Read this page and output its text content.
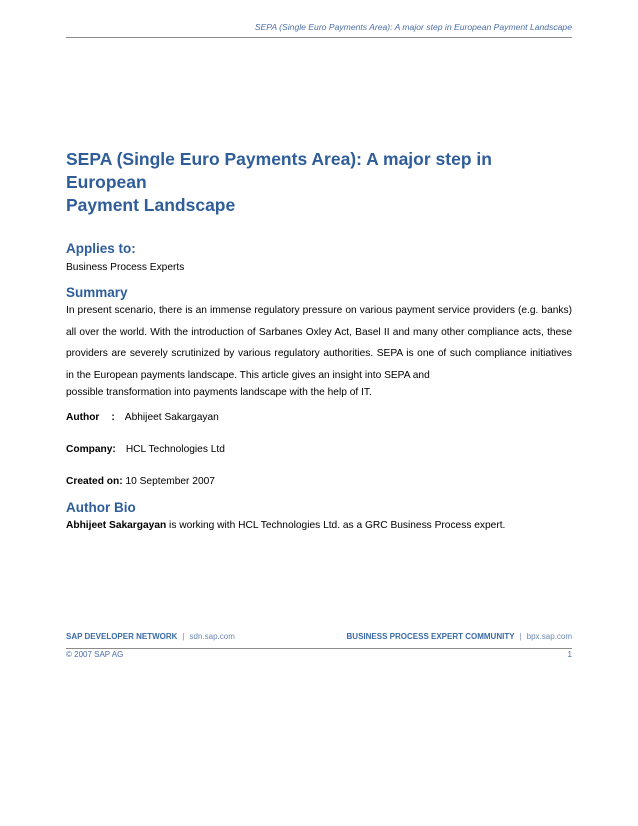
SEPA (Single Euro Payments Area): A major step in European Payment Landscape
SEPA (Single Euro Payments Area): A major step in European
Payment Landscape
Applies to:

Business Process Experts

Summary

In present scenario, there is an immense regulatory pressure on various payment service providers (e.g. banks) all over the world. With the introduction of Sarbanes Oxley Act, Basel II and many other compliance acts, these providers are severely scrutinized by various regulatory authorities. SEPA is one of such compliance initiatives in the European payments landscape. This article gives an insight into SEPA and
possible transformation into payments landscape with the help of IT.

Author : Abhijeet Sakargayan

Company: HCL Technologies Ltd

Created on: 10 September 2007

Author Bio

Abhijeet Sakargayan is working with HCL Technologies Ltd. as a GRC Business Process expert.

SAP DEVELOPER NETWORK | sdn.sap.com	BUSINESS PROCESS EXPERT COMMUNITY | bpx.sap.com
© 2007 SAP AG	1
